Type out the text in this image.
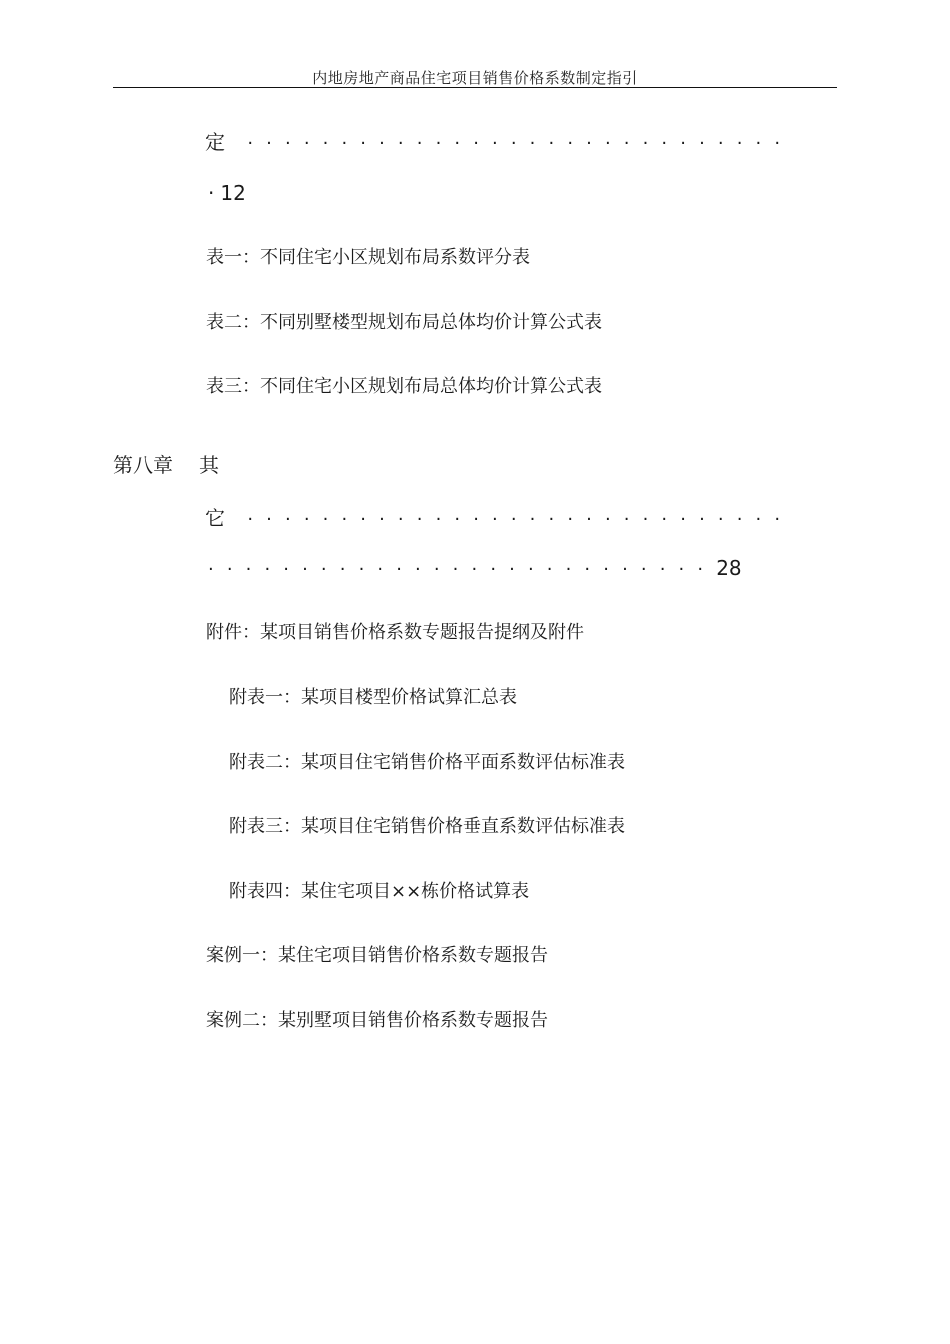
内地房地产商品住宅项目销售价格系数制定指引
定 ·····························
· 12
表一：不同住宅小区规划布局系数评分表
表二：不同别墅楼型规划布局总体均价计算公式表
表三：不同住宅小区规划布局总体均价计算公式表
第八章 其
它 ·····························
···························28
附件：某项目销售价格系数专题报告提纲及附件
附表一：某项目楼型价格试算汇总表
附表二：某项目住宅销售价格平面系数评估标准表
附表三：某项目住宅销售价格垂直系数评估标准表
附表四：某住宅项目××栋价格试算表
案例一：某住宅项目销售价格系数专题报告
案例二：某别墅项目销售价格系数专题报告
